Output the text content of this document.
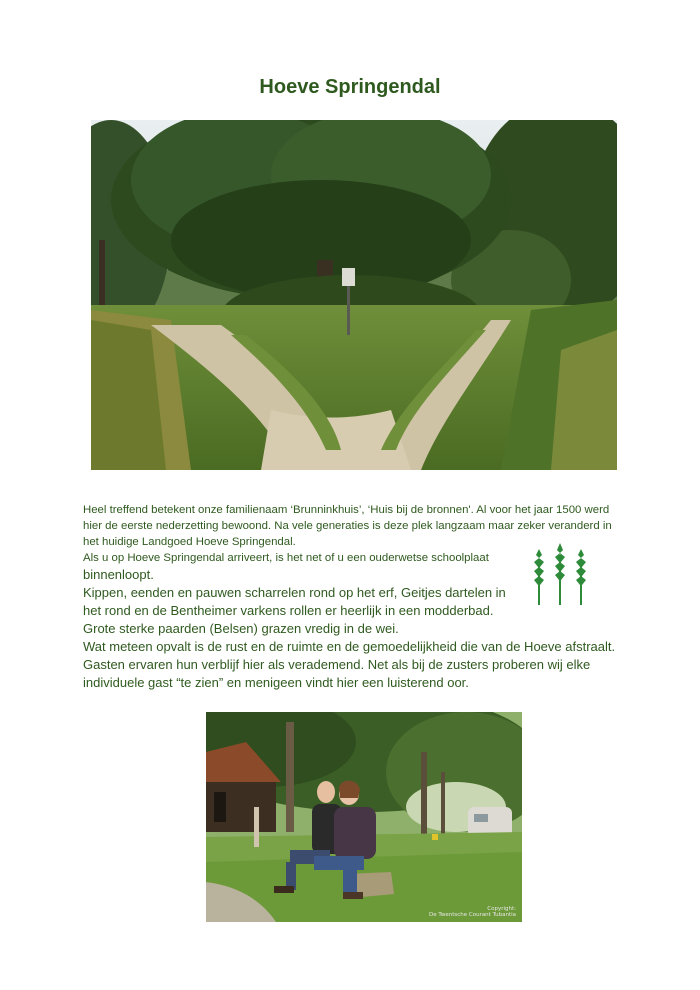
Hoeve Springendal

Heel treffend betekent onze familienaam ‘Brunninkhuis’, ‘Huis bij de bronnen'. Al voor het jaar 1500 werd hier de eerste nederzetting bewoond. Na vele generaties is deze plek langzaam maar zeker veranderd in het huidige Landgoed Hoeve Springendal.

Als u op Hoeve Springendal arriveert, is het net of u een ouderwetse schoolplaat

binnenloopt.

Kippen, eenden en pauwen scharrelen rond op het erf, Geitjes dartelen in het rond en de Bentheimer varkens rollen er heerlijk in een modderbad.

Grote sterke paarden (Belsen) grazen vredig in de wei.

Wat meteen opvalt is de rust en de ruimte en de gemoedelijkheid die van de Hoeve afstraalt. Gasten ervaren hun verblijf hier als verademend. Net als bij de zusters proberen wij elke individuele gast “te zien” en menigeen vindt hier een luisterend oor.

Copyright:
De Twentsche Courant Tubantia
